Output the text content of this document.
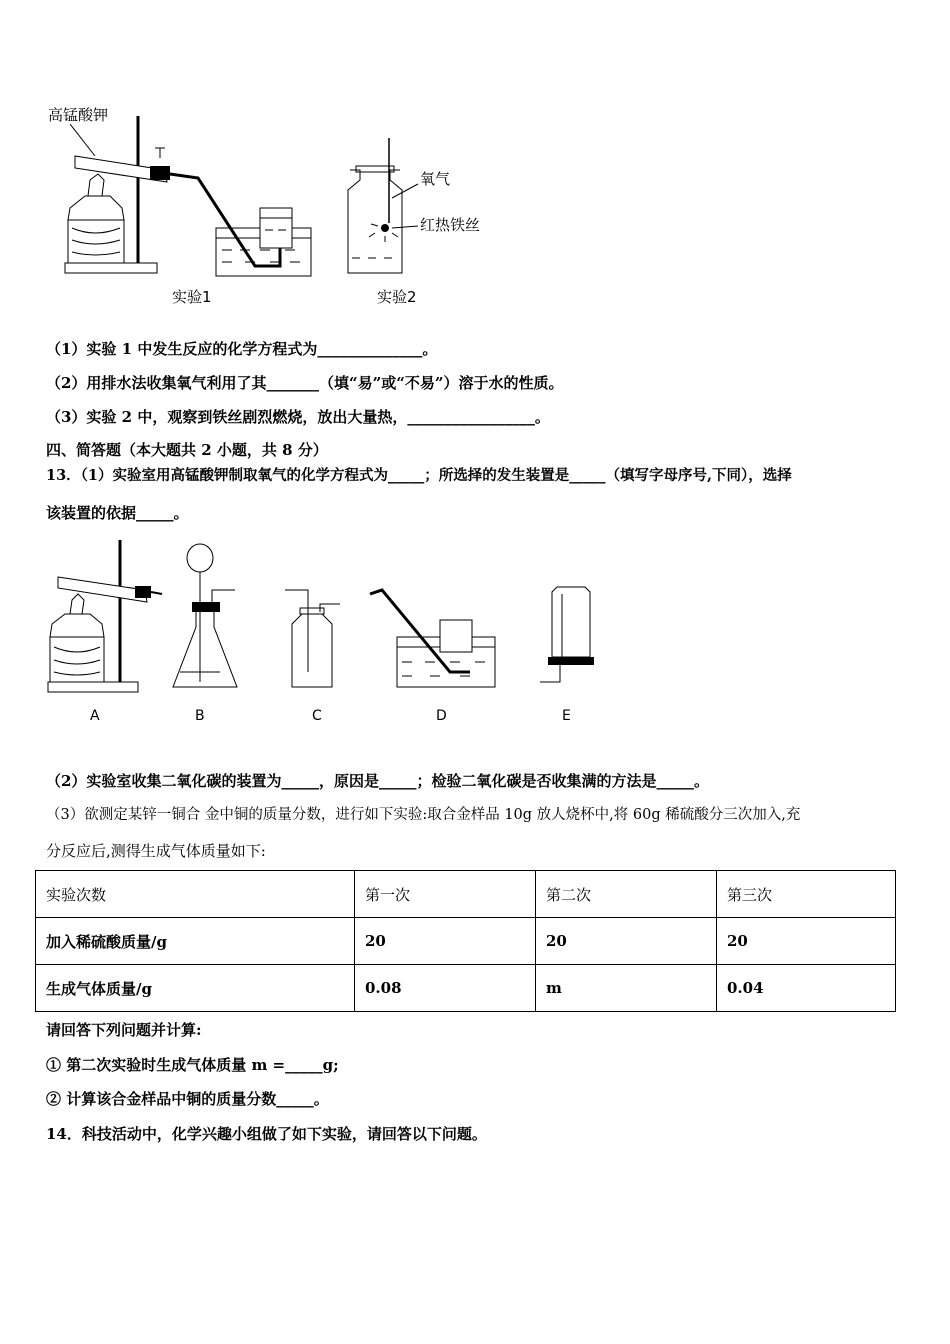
高锰酸钾
氧气
红热铁丝
实验1	实验2
（1）实验 1 中发生反应的化学方程式为______________。
（2）用排水法收集氧气利用了其_______（填“易”或“不易”）溶于水的性质。
（3）实验 2 中，观察到铁丝剧烈燃烧，放出大量热，_________________。
四、简答题（本大题共 2 小题，共 8 分）
13．（1）实验室用高锰酸钾制取氧气的化学方程式为_____；所选择的发生装置是_____（填写字母序号,下同），选择
该装置的依据_____。
A	B	C	D	E
（2）实验室收集二氧化碳的装置为_____，原因是_____；检验二氧化碳是否收集满的方法是_____。
（3）欲测定某锌一铜合 金中铜的质量分数，进行如下实验:取合金样品 10g 放人烧杯中,将 60g 稀硫酸分三次加入,充
分反应后,测得生成气体质量如下:
实验次数	第一次	第二次	第三次
加入稀硫酸质量/g	20	20	20
生成气体质量/g	0.08	m	0.04
请回答下列问题并计算:
① 第二次实验时生成气体质量 m =_____g;
② 计算该合金样品中铜的质量分数_____。
14．科技活动中，化学兴趣小组做了如下实验，请回答以下问题。
